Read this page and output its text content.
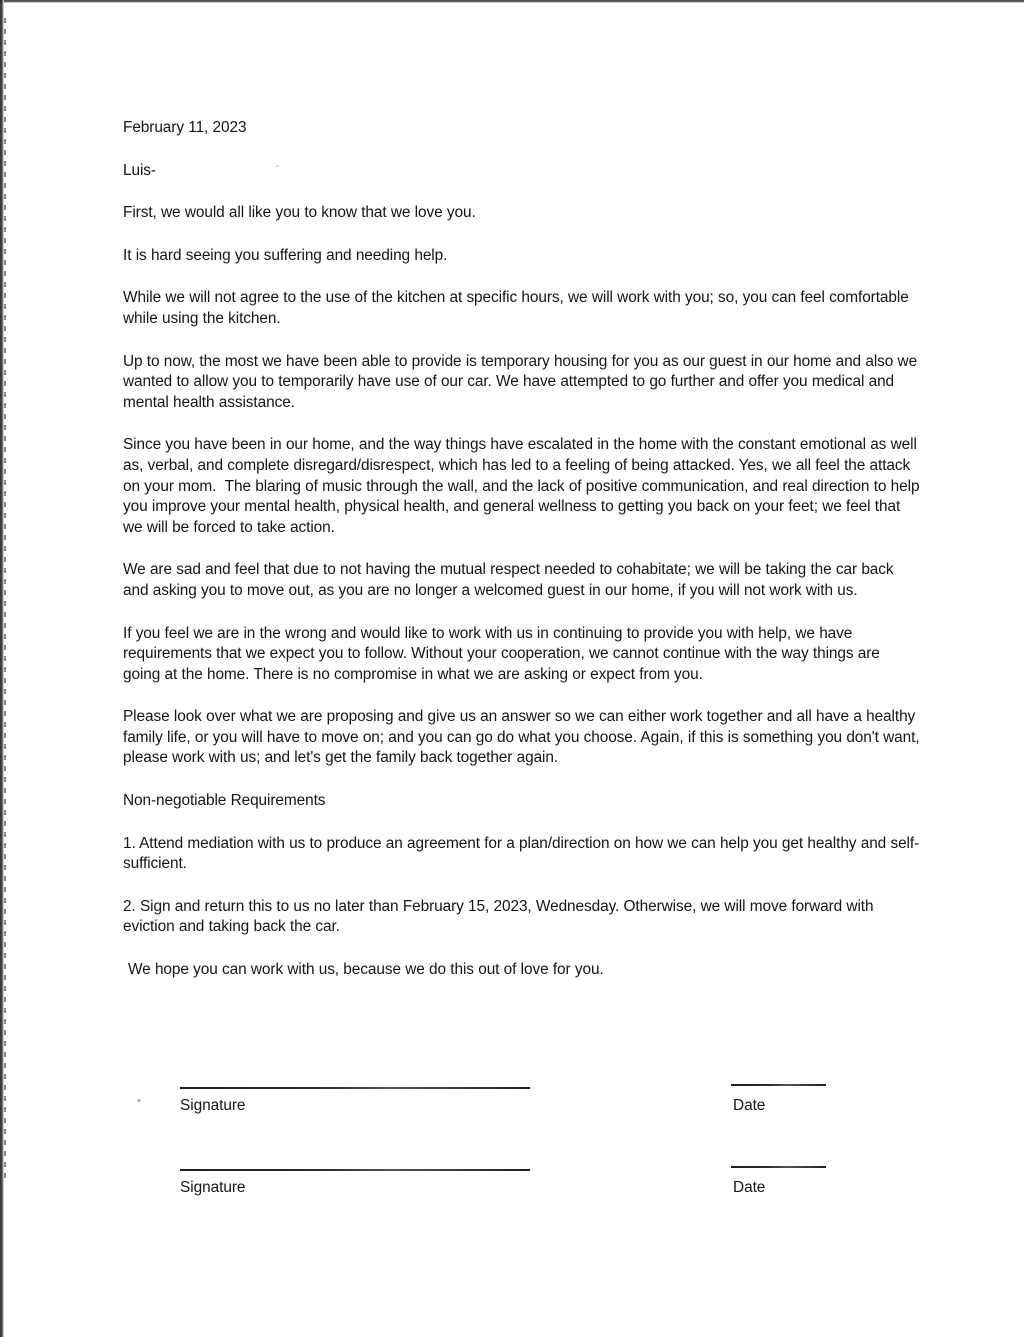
February 11, 2023

Luis-

First, we would all like you to know that we love you.

It is hard seeing you suffering and needing help.

While we will not agree to the use of the kitchen at specific hours, we will work with you; so, you can feel comfortable while using the kitchen.

Up to now, the most we have been able to provide is temporary housing for you as our guest in our home and also we wanted to allow you to temporarily have use of our car. We have attempted to go further and offer you medical and mental health assistance.

Since you have been in our home, and the way things have escalated in the home with the constant emotional as well as, verbal, and complete disregard/disrespect, which has led to a feeling of being attacked. Yes, we all feel the attack on your mom.  The blaring of music through the wall, and the lack of positive communication, and real direction to help you improve your mental health, physical health, and general wellness to getting you back on your feet; we feel that we will be forced to take action.

We are sad and feel that due to not having the mutual respect needed to cohabitate; we will be taking the car back and asking you to move out, as you are no longer a welcomed guest in our home, if you will not work with us.

If you feel we are in the wrong and would like to work with us in continuing to provide you with help, we have requirements that we expect you to follow. Without your cooperation, we cannot continue with the way things are going at the home. There is no compromise in what we are asking or expect from you.

Please look over what we are proposing and give us an answer so we can either work together and all have a healthy family life, or you will have to move on; and you can go do what you choose. Again, if this is something you don't want, please work with us; and let's get the family back together again.

Non-negotiable Requirements

1. Attend mediation with us to produce an agreement for a plan/direction on how we can help you get healthy and self-sufficient.

2. Sign and return this to us no later than February 15, 2023, Wednesday. Otherwise, we will move forward with eviction and taking back the car.

We hope you can work with us, because we do this out of love for you.

Signature	Date
Signature	Date
